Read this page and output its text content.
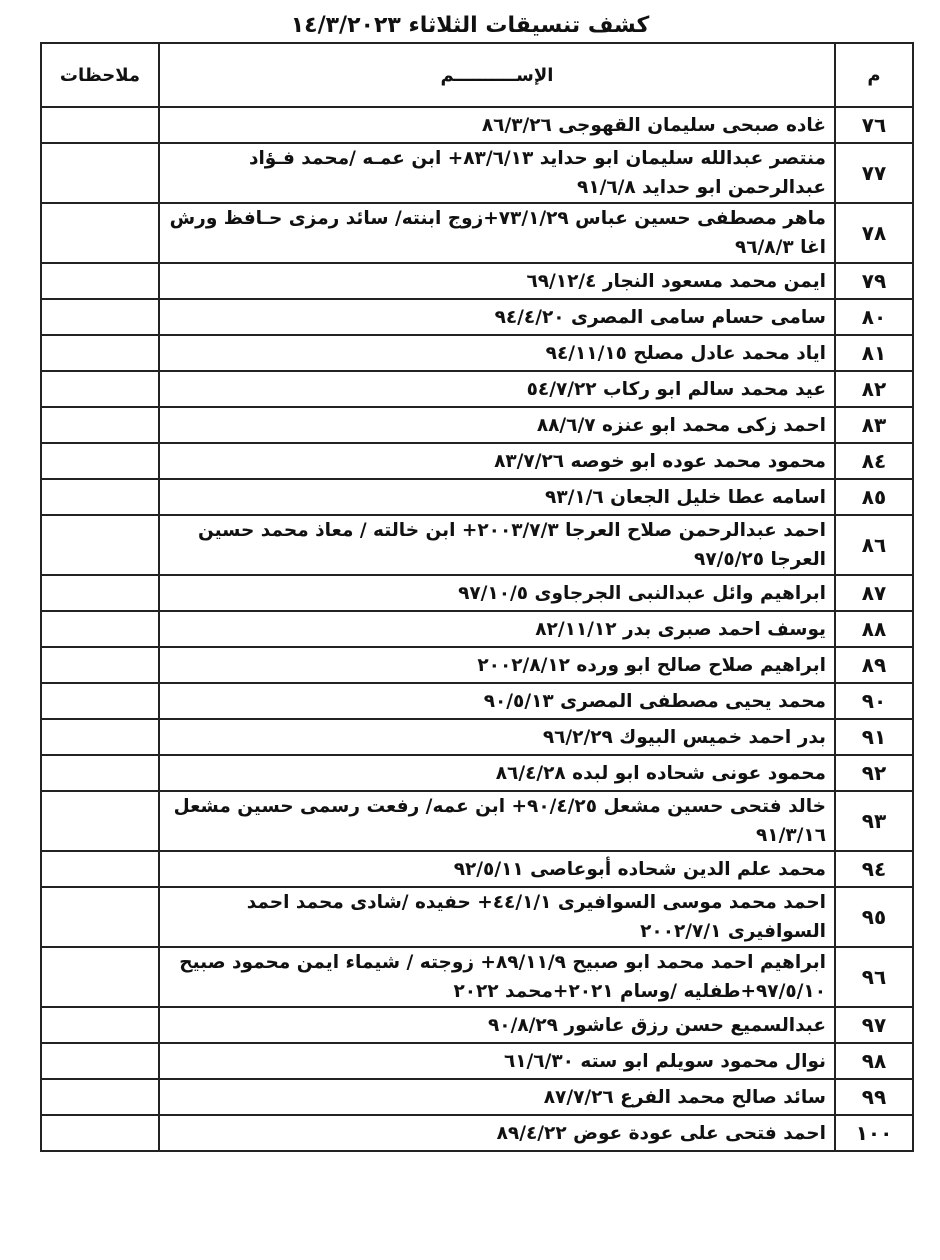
كشف تنسيقات الثلاثاء ١٤/٣/٢٠٢٣
م	الإســــــــــم	ملاحظات
٧٦	غاده صبحى سليمان القهوجى ٨٦/٣/٢٦	
٧٧	منتصر عبدالله سليمان ابو حدايد ٨٣/٦/١٣+ ابن عمـه /محمد فـؤاد عبدالرحمن ابو حدايد ٩١/٦/٨	
٧٨	ماهر مصطفى حسين عباس ٧٣/١/٢٩+زوج ابنته/ سائد رمزى حـافظ ورش اغا ٩٦/٨/٣	
٧٩	ايمن محمد مسعود النجار ٦٩/١٢/٤	
٨٠	سامى حسام سامى المصرى ٩٤/٤/٢٠	
٨١	اياد محمد عادل مصلح ٩٤/١١/١٥	
٨٢	عيد محمد سالم ابو ركاب ٥٤/٧/٢٢	
٨٣	احمد زكى محمد ابو عنزه ٨٨/٦/٧	
٨٤	محمود محمد عوده ابو خوصه ٨٣/٧/٢٦	
٨٥	اسامه عطا خليل الجعان ٩٣/١/٦	
٨٦	احمد عبدالرحمن صلاح العرجا ٢٠٠٣/٧/٣+ ابن خالته / معاذ محمد حسين العرجا ٩٧/٥/٢٥	
٨٧	ابراهيم وائل عبدالنبى الجرجاوى ٩٧/١٠/٥	
٨٨	يوسف احمد صبرى بدر ٨٢/١١/١٢	
٨٩	ابراهيم صلاح صالح ابو ورده ٢٠٠٢/٨/١٢	
٩٠	محمد يحيى مصطفى المصرى ٩٠/٥/١٣	
٩١	بدر احمد خميس البيوك ٩٦/٢/٢٩	
٩٢	محمود عونى شحاده ابو لبده ٨٦/٤/٢٨	
٩٣	خالد فتحى حسين مشعل ٩٠/٤/٢٥+ ابن عمه/ رفعت رسمى حسين مشعل ٩١/٣/١٦	
٩٤	محمد علم الدين شحاده أبوعاصى ٩٢/٥/١١	
٩٥	احمد محمد موسى السوافيرى ٤٤/١/١+ حفيده /شادى محمد احمد السوافيرى ٢٠٠٢/٧/١	
٩٦	ابراهيم احمد محمد ابو صبيح ٨٩/١١/٩+ زوجته / شيماء ايمن محمود صبيح ٩٧/٥/١٠+طفليه /وسام ٢٠٢١+محمد ٢٠٢٢	
٩٧	عبدالسميع حسن رزق عاشور ٩٠/٨/٢٩	
٩٨	نوال محمود سويلم ابو سته ٦١/٦/٣٠	
٩٩	سائد صالح محمد الفرع ٨٧/٧/٢٦	
١٠٠	احمد فتحى على عودة عوض ٨٩/٤/٢٢	
